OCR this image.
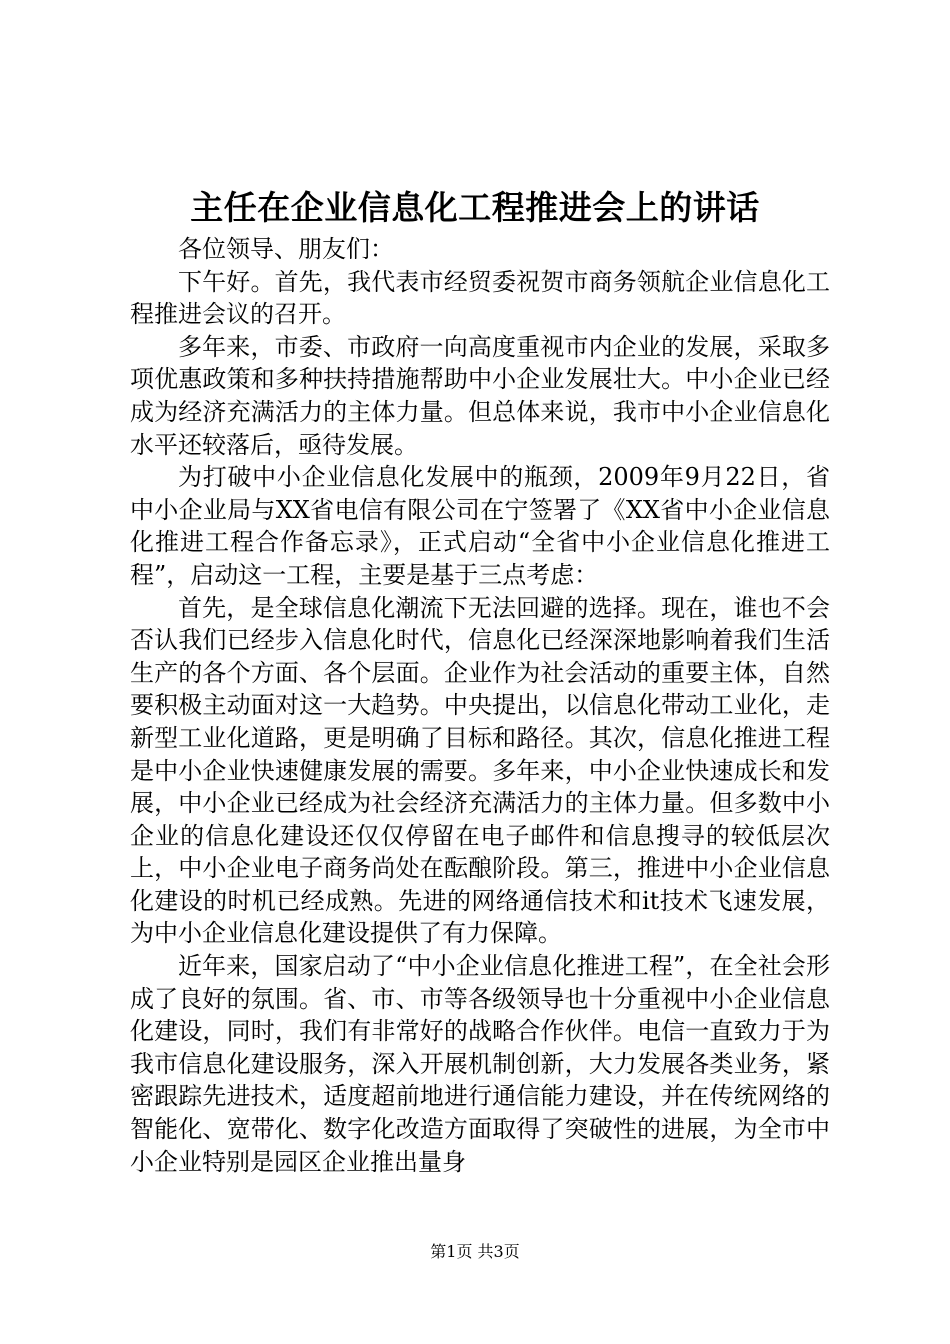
主任在企业信息化工程推进会上的讲话

各位领导、朋友们：

下午好。首先，我代表市经贸委祝贺市商务领航企业信息化工程推进会议的召开。

多年来，市委、市政府一向高度重视市内企业的发展，采取多项优惠政策和多种扶持措施帮助中小企业发展壮大。中小企业已经成为经济充满活力的主体力量。但总体来说，我市中小企业信息化水平还较落后，亟待发展。

为打破中小企业信息化发展中的瓶颈，2009年9月22日，省中小企业局与XX省电信有限公司在宁签署了《XX省中小企业信息化推进工程合作备忘录》，正式启动“全省中小企业信息化推进工程”，启动这一工程，主要是基于三点考虑：

首先，是全球信息化潮流下无法回避的选择。现在，谁也不会否认我们已经步入信息化时代，信息化已经深深地影响着我们生活生产的各个方面、各个层面。企业作为社会活动的重要主体，自然要积极主动面对这一大趋势。中央提出，以信息化带动工业化，走新型工业化道路，更是明确了目标和路径。其次，信息化推进工程是中小企业快速健康发展的需要。多年来，中小企业快速成长和发展，中小企业已经成为社会经济充满活力的主体力量。但多数中小企业的信息化建设还仅仅停留在电子邮件和信息搜寻的较低层次上，中小企业电子商务尚处在酝酿阶段。第三，推进中小企业信息化建设的时机已经成熟。先进的网络通信技术和it技术飞速发展，为中小企业信息化建设提供了有力保障。

近年来，国家启动了“中小企业信息化推进工程”，在全社会形成了良好的氛围。省、市、市等各级领导也十分重视中小企业信息化建设，同时，我们有非常好的战略合作伙伴。电信一直致力于为我市信息化建设服务，深入开展机制创新，大力发展各类业务，紧密跟踪先进技术，适度超前地进行通信能力建设，并在传统网络的智能化、宽带化、数字化改造方面取得了突破性的进展，为全市中小企业特别是园区企业推出量身

第1页 共3页
